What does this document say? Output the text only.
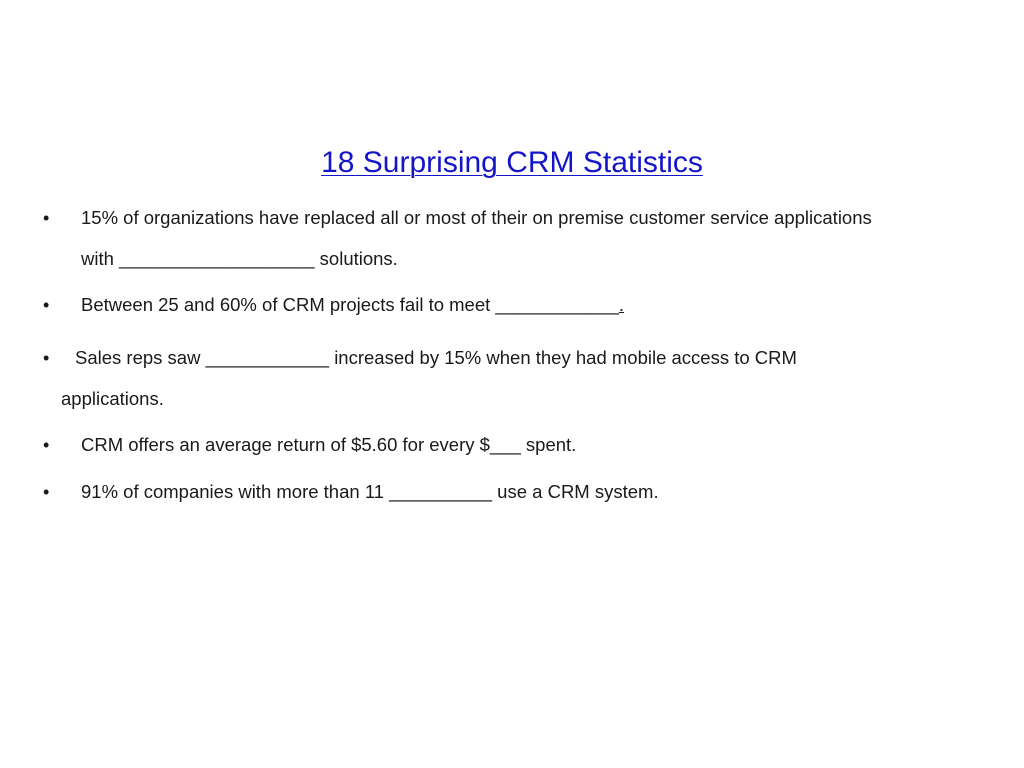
18 Surprising CRM Statistics
• 15% of organizations have replaced all or most of their on premise customer service applications
with ___________________ solutions.
• Between 25 and 60% of CRM projects fail to meet ____________.
• Sales reps saw ____________ increased by 15% when they had mobile access to CRM
applications.
• CRM offers an average return of $5.60 for every $___ spent.
• 91% of companies with more than 11 __________ use a CRM system.
